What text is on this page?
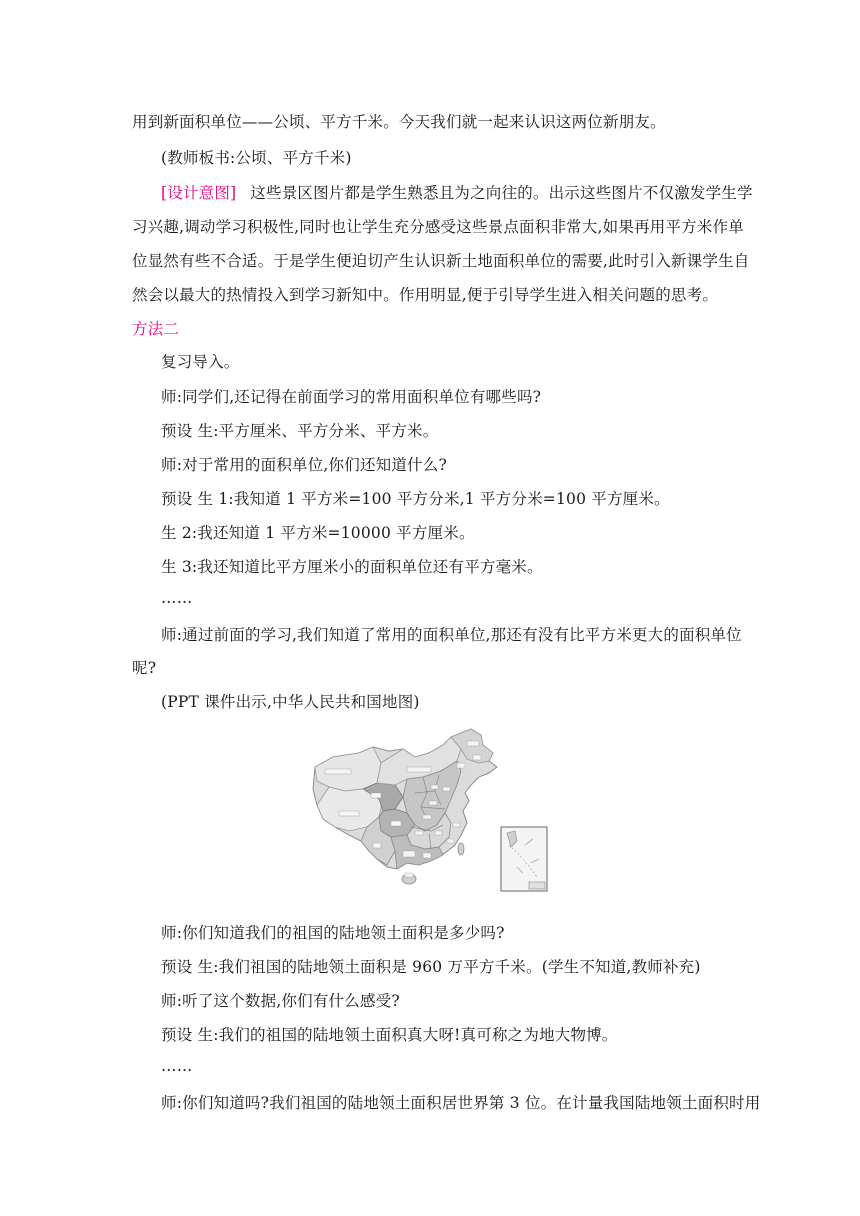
用到新面积单位——公顷、平方千米。今天我们就一起来认识这两位新朋友。
(教师板书:公顷、平方千米)
[设计意图] 这些景区图片都是学生熟悉且为之向往的。出示这些图片不仅激发学生学
习兴趣,调动学习积极性,同时也让学生充分感受这些景点面积非常大,如果再用平方米作单
位显然有些不合适。于是学生便迫切产生认识新土地面积单位的需要,此时引入新课学生自
然会以最大的热情投入到学习新知中。作用明显,便于引导学生进入相关问题的思考。
方法二
复习导入。
师:同学们,还记得在前面学习的常用面积单位有哪些吗?
预设 生:平方厘米、平方分米、平方米。
师:对于常用的面积单位,你们还知道什么?
预设 生 1:我知道 1 平方米=100 平方分米,1 平方分米=100 平方厘米。
生 2:我还知道 1 平方米=10000 平方厘米。
生 3:我还知道比平方厘米小的面积单位还有平方毫米。
……
师:通过前面的学习,我们知道了常用的面积单位,那还有没有比平方米更大的面积单位
呢?
(PPT 课件出示,中华人民共和国地图)
师:你们知道我们的祖国的陆地领土面积是多少吗?
预设 生:我们祖国的陆地领土面积是 960 万平方千米。(学生不知道,教师补充)
师:听了这个数据,你们有什么感受?
预设 生:我们的祖国的陆地领土面积真大呀!真可称之为地大物博。
……
师:你们知道吗?我们祖国的陆地领土面积居世界第 3 位。在计量我国陆地领土面积时用
